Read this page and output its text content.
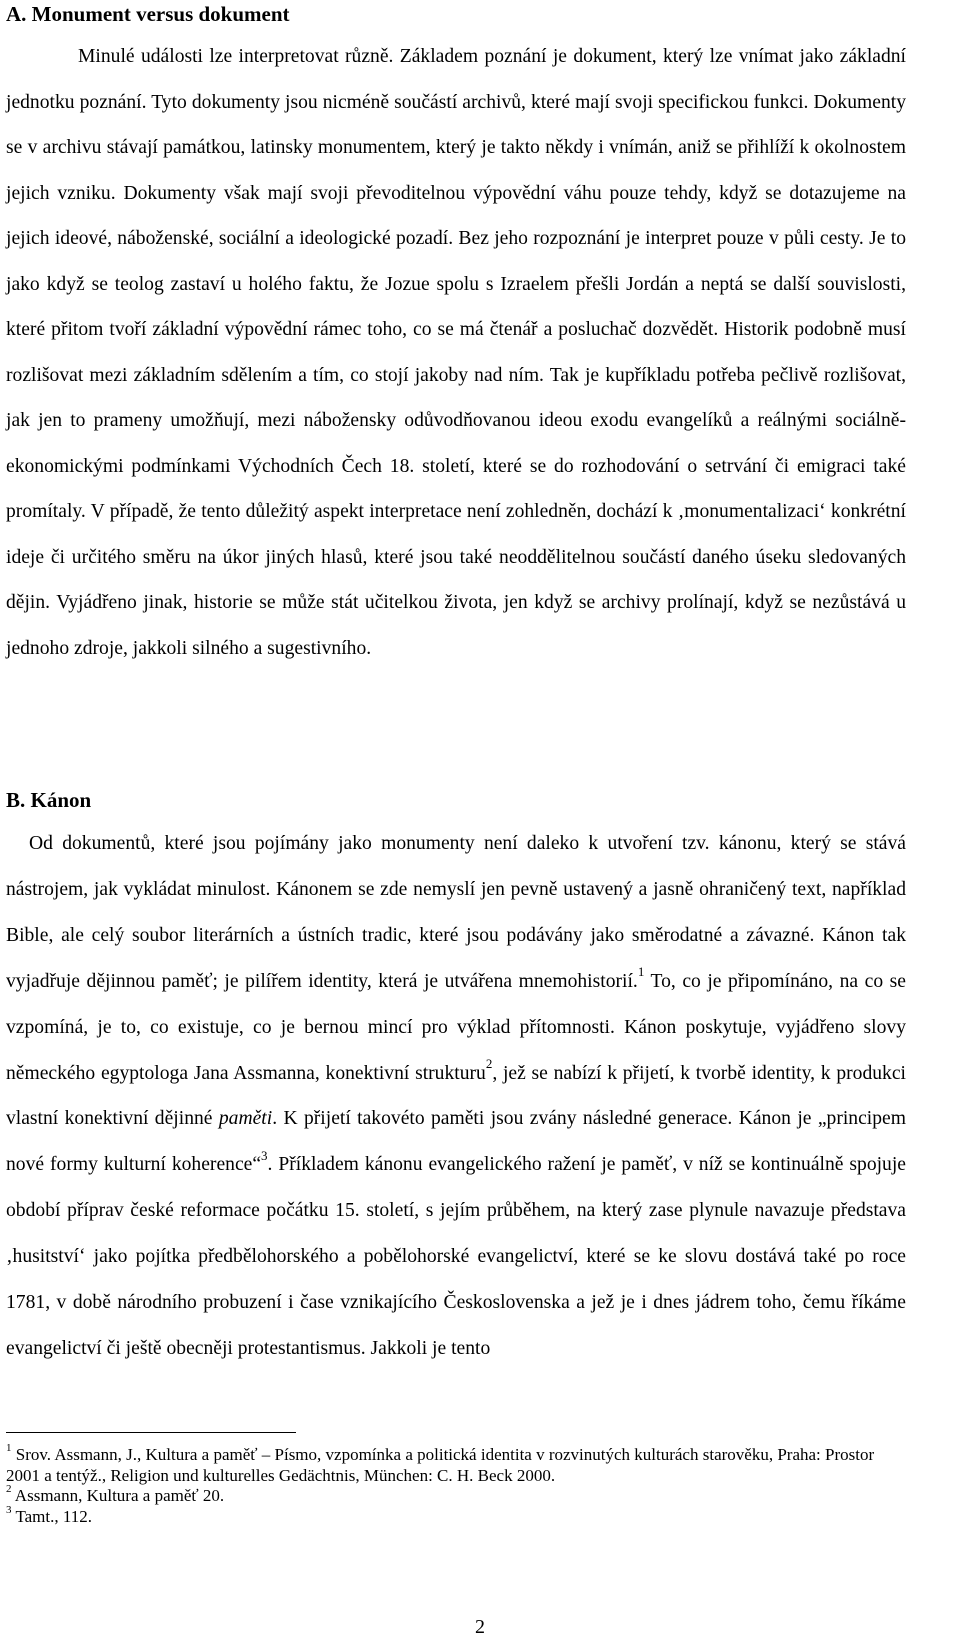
A. Monument versus dokument

Minulé události lze interpretovat různě. Základem poznání je dokument, který lze vnímat jako základní jednotku poznání. Tyto dokumenty jsou nicméně součástí archivů, které mají svoji specifickou funkci. Dokumenty se v archivu stávají památkou, latinsky monumentem, který je takto někdy i vnímán, aniž se přihlíží k okolnostem jejich vzniku. Dokumenty však mají svoji převoditelnou výpovědní váhu pouze tehdy, když se dotazujeme na jejich ideové, náboženské, sociální a ideologické pozadí. Bez jeho rozpoznání je interpret pouze v půli cesty. Je to jako když se teolog zastaví u holého faktu, že Jozue spolu s Izraelem přešli Jordán a neptá se další souvislosti, které přitom tvoří základní výpovědní rámec toho, co se má čtenář a posluchač dozvědět. Historik podobně musí rozlišovat mezi základním sdělením a tím, co stojí jakoby nad ním. Tak je kupříkladu potřeba pečlivě rozlišovat, jak jen to prameny umožňují, mezi nábožensky odůvodňovanou ideou exodu evangelíků a reálnými sociálně-ekonomickými podmínkami Východních Čech 18. století, které se do rozhodování o setrvání či emigraci také promítaly. V případě, že tento důležitý aspekt interpretace není zohledněn, dochází k ‚monumentalizaci‘ konkrétní ideje či určitého směru na úkor jiných hlasů, které jsou také neoddělitelnou součástí daného úseku sledovaných dějin. Vyjádřeno jinak, historie se může stát učitelkou života, jen když se archivy prolínají, když se nezůstává u jednoho zdroje, jakkoli silného a sugestivního.

B. Kánon

Od dokumentů, které jsou pojímány jako monumenty není daleko k utvoření tzv. kánonu, který se stává nástrojem, jak vykládat minulost. Kánonem se zde nemyslí jen pevně ustavený a jasně ohraničený text, například Bible, ale celý soubor literárních a ústních tradic, které jsou podávány jako směrodatné a závazné. Kánon tak vyjadřuje dějinnou paměť; je pilířem identity, která je utvářena mnemohistorií.$^1$ To, co je připomínáno, na co se vzpomíná, je to, co existuje, co je bernou mincí pro výklad přítomnosti. Kánon poskytuje, vyjádřeno slovy německého egyptologa Jana Assmanna, konektivní strukturu$^2$, jež se nabízí k přijetí, k tvorbě identity, k produkci vlastní konektivní dějinné paměti. K přijetí takovéto paměti jsou zvány následné generace. Kánon je „principem nové formy kulturní koherence“$^3$. Příkladem kánonu evangelického ražení je paměť, v níž se kontinuálně spojuje období příprav české reformace počátku 15. století, s jejím průběhem, na který zase plynule navazuje představa ‚husitství‘ jako pojítka předbělohorského a pobělohorské evangelictví, které se ke slovu dostává také po roce 1781, v době národního probuzení i čase vznikajícího Československa a jež je i dnes jádrem toho, čemu říkáme evangelictví či ještě obecněji protestantismus. Jakkoli je tento

$^1$ Srov. Assmann, J., Kultura a paměť – Písmo, vzpomínka a politická identita v rozvinutých kulturách starověku, Praha: Prostor 2001 a tentýž., Religion und kulturelles Gedächtnis, München: C. H. Beck 2000.

$^2$ Assmann, Kultura a paměť 20.

$^3$ Tamt., 112.

2
